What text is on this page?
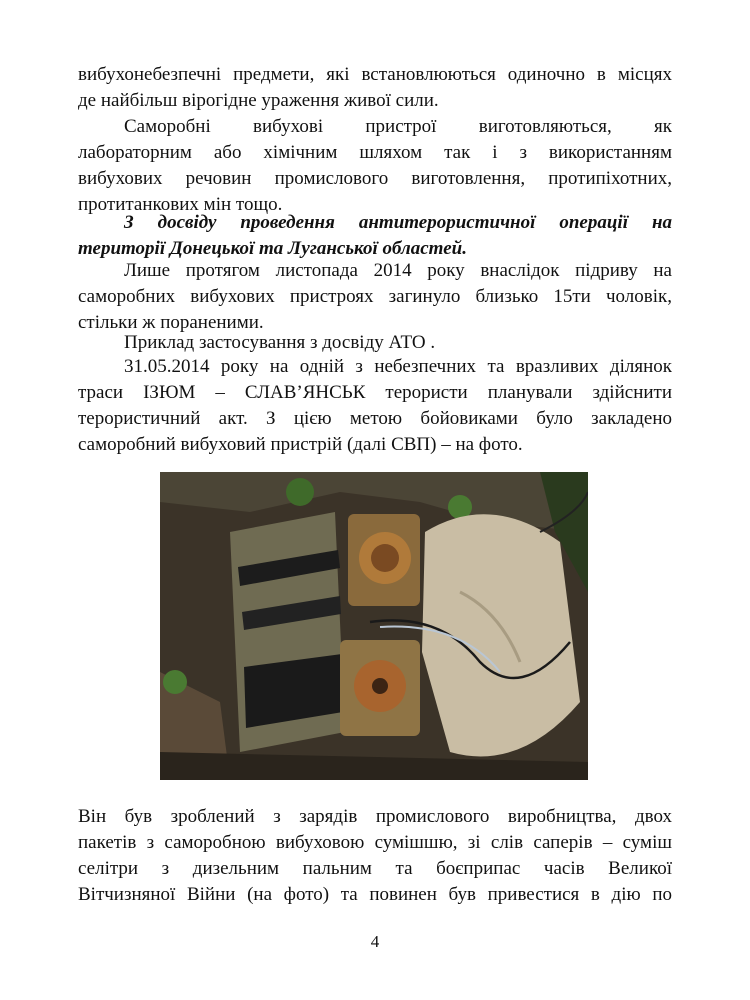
вибухонебезпечні предмети, які встановлюються одиночно в місцях
де найбільш вірогідне ураження живої сили.
Саморобні вибухові пристрої виготовляються, як
лабораторним або хімічним шляхом так і з використанням
вибухових речовин промислового виготовлення, протипіхотних,
протитанкових мін тощо.
З досвіду проведення антитерористичної операції на
території Донецької та Луганської областей.
Лише протягом листопада 2014 року внаслідок підриву на
саморобних вибухових пристроях загинуло близько 15ти чоловік,
стільки ж пораненими.
Приклад застосування з досвіду АТО .
31.05.2014 року на одній з небезпечних та вразливих ділянок
траси ІЗЮМ – СЛАВ’ЯНСЬК терористи планували здійснити
терористичний акт. З цією метою бойовиками було закладено
саморобний вибуховий пристрій (далі СВП) – на фото.
Він був зроблений з зарядів промислового виробництва, двох
пакетів з саморобною вибуховою сумішшю, зі слів саперів – суміш
селітри з дизельним пальним та боєприпас часів Великої
Вітчизняної Війни (на фото) та повинен був привестися в дію по
4
